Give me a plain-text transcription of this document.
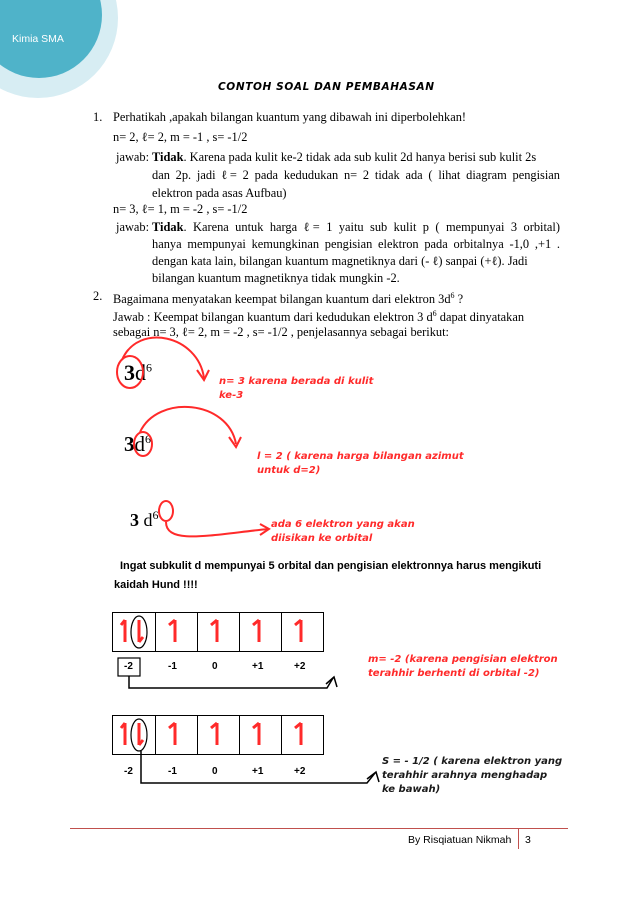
Kimia SMA
CONTOH SOAL DAN PEMBAHASAN
1. Perhatikah ,apakah bilangan kuantum yang dibawah ini diperbolehkan!
n= 2, ℓ= 2, m = -1 , s= -1/2
jawab: Tidak. Karena pada kulit ke-2 tidak ada sub kulit 2d hanya berisi sub kulit 2s
dan 2p. jadi ℓ= 2 pada kedudukan n= 2 tidak ada ( lihat diagram pengisian
elektron pada asas Aufbau)
n= 3, ℓ= 1, m = -2 , s= -1/2
jawab: Tidak. Karena untuk harga ℓ= 1 yaitu sub kulit p ( mempunyai 3 orbital)
hanya mempunyai kemungkinan pengisian elektron pada orbitalnya -1,0 ,+1 .
dengan kata lain, bilangan kuantum magnetiknya dari (- ℓ) sanpai (+ℓ). Jadi
bilangan kuantum magnetiknya tidak mungkin -2.
2. Bagaimana menyatakan keempat bilangan kuantum dari elektron $3d^6$ ?
Jawab : Keempat bilangan kuantum dari kedudukan elektron 3 $d^6$ dapat dinyatakan
sebagai n= 3, ℓ= 2, m = -2 , s= -1/2 , penjelasannya sebagai berikut:
$3d^6$
n= 3 karena berada di kulit
ke-3
$3d^6$
l = 2 ( karena harga bilangan azimut
untuk d=2)
3 $d^6$
ada 6 elektron yang akan
diisikan ke orbital
Ingat subkulit d mempunyai 5 orbital dan pengisian elektronnya harus mengikuti
kaidah Hund !!!!
-2	-1	0	+1	+2
m= -2 (karena pengisian elektron
terahhir berhenti di orbital -2)
-2	-1	0	+1	+2
S = - 1/2 ( karena elektron yang
terahhir arahnya menghadap
ke bawah)
By Risqiatuan Nikmah 3
